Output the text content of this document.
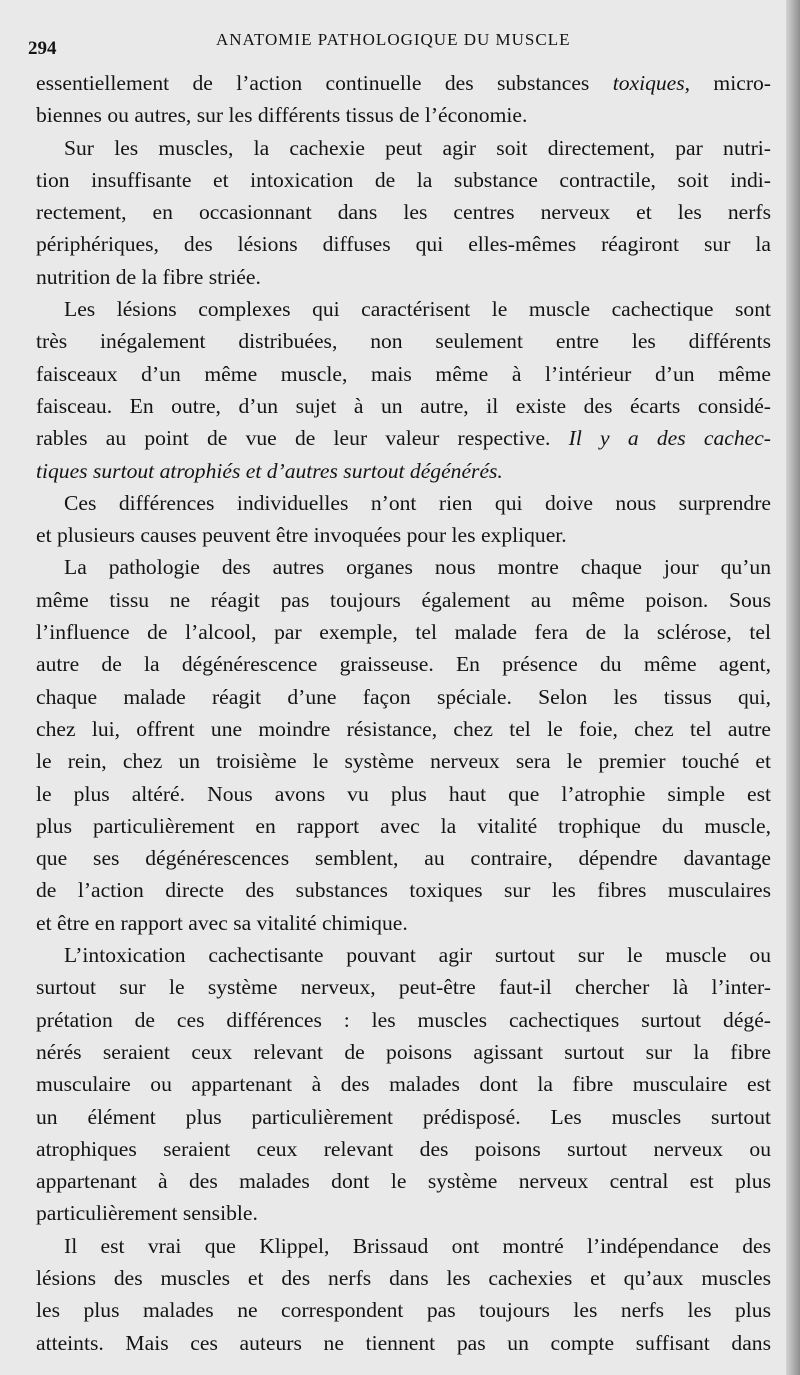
294	ANATOMIE PATHOLOGIQUE DU MUSCLE
essentiellement de l’action continuelle des substances toxiques, micro-
biennes ou autres, sur les différents tissus de l’économie.
Sur les muscles, la cachexie peut agir soit directement, par nutri-
tion insuffisante et intoxication de la substance contractile, soit indi-
rectement, en occasionnant dans les centres nerveux et les nerfs
périphériques, des lésions diffuses qui elles-mêmes réagiront sur la
nutrition de la fibre striée.
Les lésions complexes qui caractérisent le muscle cachectique sont
très inégalement distribuées, non seulement entre les différents
faisceaux d’un même muscle, mais même à l’intérieur d’un même
faisceau. En outre, d’un sujet à un autre, il existe des écarts considé-
rables au point de vue de leur valeur respective. Il y a des cachec-
tiques surtout atrophiés et d’autres surtout dégénérés.
Ces différences individuelles n’ont rien qui doive nous surprendre
et plusieurs causes peuvent être invoquées pour les expliquer.
La pathologie des autres organes nous montre chaque jour qu’un
même tissu ne réagit pas toujours également au même poison. Sous
l’influence de l’alcool, par exemple, tel malade fera de la sclérose, tel
autre de la dégénérescence graisseuse. En présence du même agent,
chaque malade réagit d’une façon spéciale. Selon les tissus qui,
chez lui, offrent une moindre résistance, chez tel le foie, chez tel autre
le rein, chez un troisième le système nerveux sera le premier touché et
le plus altéré. Nous avons vu plus haut que l’atrophie simple est
plus particulièrement en rapport avec la vitalité trophique du muscle,
que ses dégénérescences semblent, au contraire, dépendre davantage
de l’action directe des substances toxiques sur les fibres musculaires
et être en rapport avec sa vitalité chimique.
L’intoxication cachectisante pouvant agir surtout sur le muscle ou
surtout sur le système nerveux, peut-être faut-il chercher là l’inter-
prétation de ces différences : les muscles cachectiques surtout dégé-
nérés seraient ceux relevant de poisons agissant surtout sur la fibre
musculaire ou appartenant à des malades dont la fibre musculaire est
un élément plus particulièrement prédisposé. Les muscles surtout
atrophiques seraient ceux relevant des poisons surtout nerveux ou
appartenant à des malades dont le système nerveux central est plus
particulièrement sensible.
Il est vrai que Klippel, Brissaud ont montré l’indépendance des
lésions des muscles et des nerfs dans les cachexies et qu’aux muscles
les plus malades ne correspondent pas toujours les nerfs les plus
atteints. Mais ces auteurs ne tiennent pas un compte suffisant dans
